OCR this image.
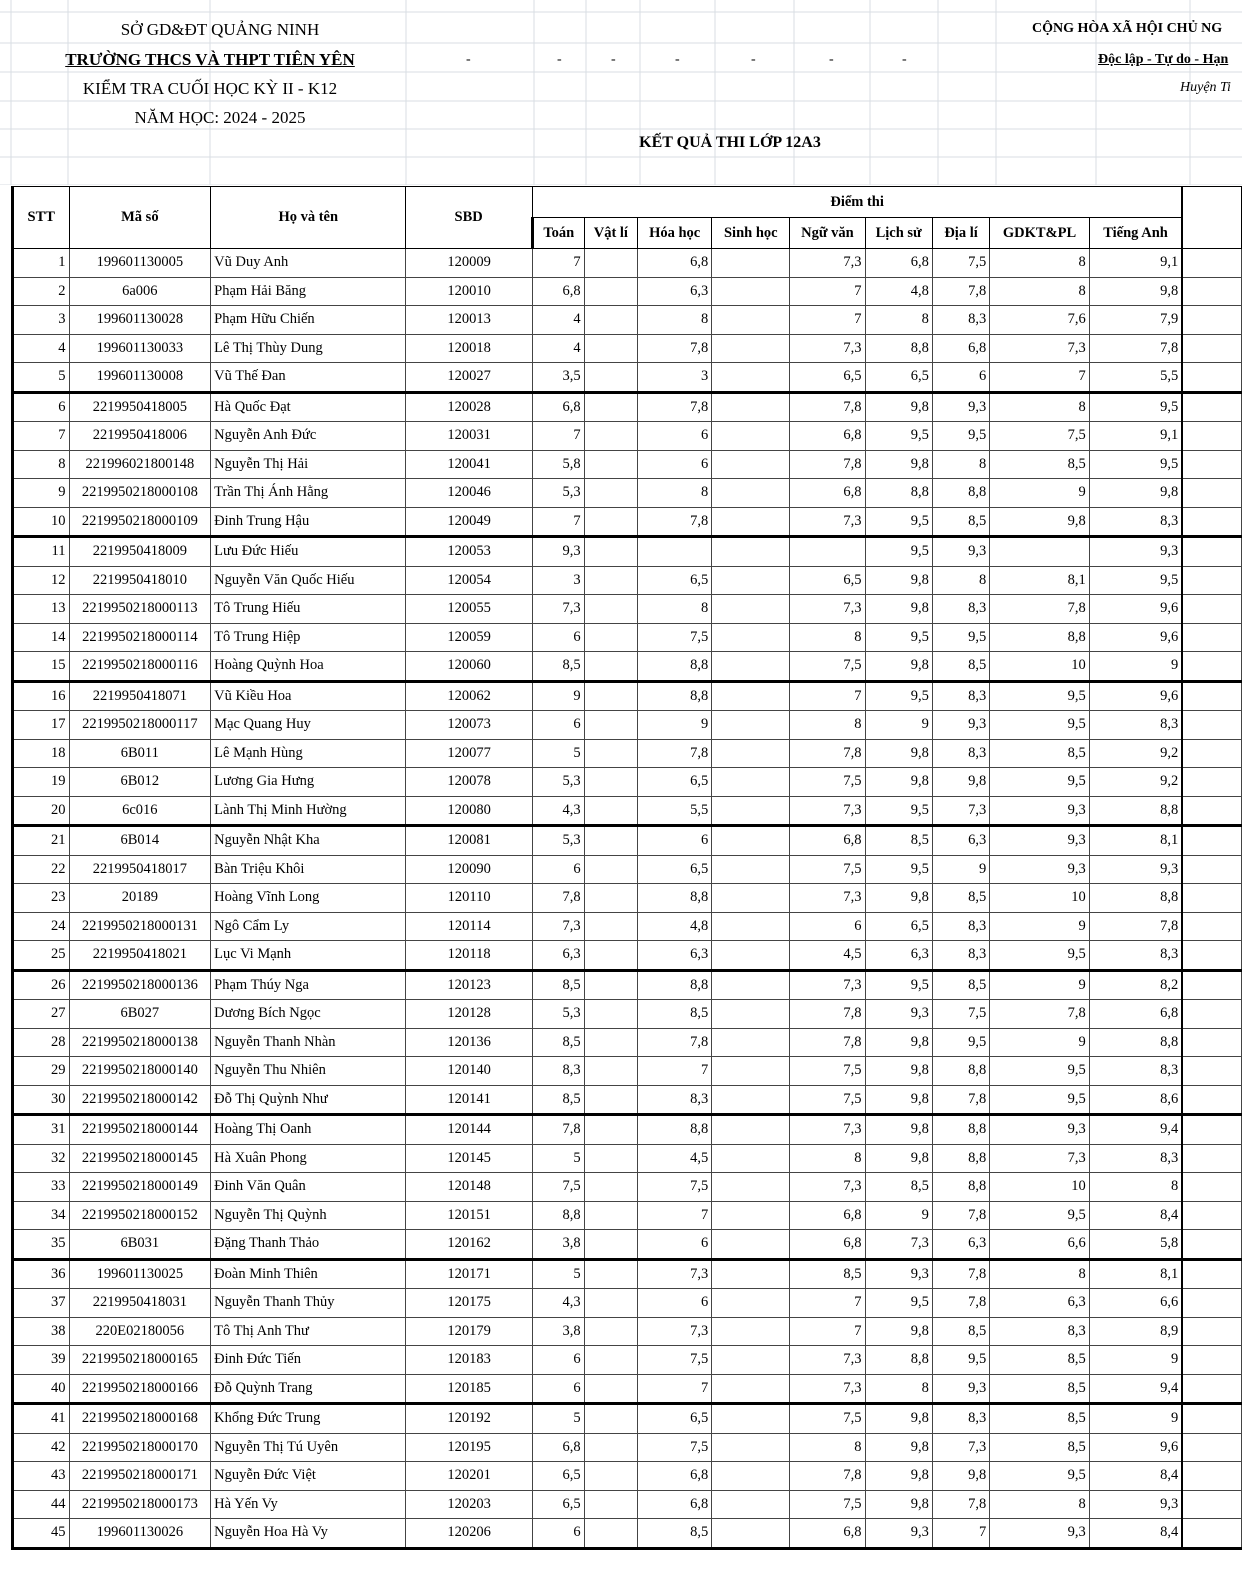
SỞ GD&ĐT QUẢNG NINH
TRƯỜNG THCS VÀ THPT TIÊN YÊN
KIỂM TRA CUỐI HỌC KỲ II - K12
NĂM HỌC: 2024 - 2025
-	-	-	-	-	-	-
CỘNG HÒA XÃ HỘI CHỦ NG
Độc lập - Tự do - Hạn
Huyện Ti
KẾT QUẢ THI LỚP 12A3
STT	Mã số	Họ và tên	SBD	Điểm thi									
				Toán	Vật lí	Hóa học	Sinh học	Ngữ văn	Lịch sử	Địa lí	GDKT&PL	Tiếng Anh	
1	199601130005	Vũ Duy Anh	120009	7		6,8		7,3	6,8	7,5	8	9,1	
2	6a006	Phạm Hải Băng	120010	6,8		6,3		7	4,8	7,8	8	9,8	
3	199601130028	Phạm Hữu Chiến	120013	4		8		7	8	8,3	7,6	7,9	
4	199601130033	Lê Thị Thùy Dung	120018	4		7,8		7,3	8,8	6,8	7,3	7,8	
5	199601130008	Vũ Thế Đan	120027	3,5		3		6,5	6,5	6	7	5,5	
6	2219950418005	Hà Quốc Đạt	120028	6,8		7,8		7,8	9,8	9,3	8	9,5	
7	2219950418006	Nguyễn Anh Đức	120031	7		6		6,8	9,5	9,5	7,5	9,1	
8	221996021800148	Nguyễn Thị Hải	120041	5,8		6		7,8	9,8	8	8,5	9,5	
9	2219950218000108	Trần Thị Ánh Hằng	120046	5,3		8		6,8	8,8	8,8	9	9,8	
10	2219950218000109	Đinh Trung Hậu	120049	7		7,8		7,3	9,5	8,5	9,8	8,3	
11	2219950418009	Lưu Đức Hiếu	120053	9,3					9,5	9,3		9,3	
12	2219950418010	Nguyễn Văn Quốc Hiếu	120054	3		6,5		6,5	9,8	8	8,1	9,5	
13	2219950218000113	Tô Trung Hiếu	120055	7,3		8		7,3	9,8	8,3	7,8	9,6	
14	2219950218000114	Tô Trung Hiệp	120059	6		7,5		8	9,5	9,5	8,8	9,6	
15	2219950218000116	Hoàng Quỳnh Hoa	120060	8,5		8,8		7,5	9,8	8,5	10	9	
16	2219950418071	Vũ Kiều Hoa	120062	9		8,8		7	9,5	8,3	9,5	9,6	
17	2219950218000117	Mạc Quang Huy	120073	6		9		8	9	9,3	9,5	8,3	
18	6B011	Lê Mạnh Hùng	120077	5		7,8		7,8	9,8	8,3	8,5	9,2	
19	6B012	Lương Gia Hưng	120078	5,3		6,5		7,5	9,8	9,8	9,5	9,2	
20	6c016	Lành Thị Minh Hường	120080	4,3		5,5		7,3	9,5	7,3	9,3	8,8	
21	6B014	Nguyễn Nhật Kha	120081	5,3		6		6,8	8,5	6,3	9,3	8,1	
22	2219950418017	Bàn Triệu Khôi	120090	6		6,5		7,5	9,5	9	9,3	9,3	
23	20189	Hoàng Vĩnh Long	120110	7,8		8,8		7,3	9,8	8,5	10	8,8	
24	2219950218000131	Ngô Cẩm Ly	120114	7,3		4,8		6	6,5	8,3	9	7,8	
25	2219950418021	Lục Vi Mạnh	120118	6,3		6,3		4,5	6,3	8,3	9,5	8,3	
26	2219950218000136	Phạm Thúy Nga	120123	8,5		8,8		7,3	9,5	8,5	9	8,2	
27	6B027	Dương Bích Ngọc	120128	5,3		8,5		7,8	9,3	7,5	7,8	6,8	
28	2219950218000138	Nguyễn Thanh Nhàn	120136	8,5		7,8		7,8	9,8	9,5	9	8,8	
29	2219950218000140	Nguyễn Thu Nhiên	120140	8,3		7		7,5	9,8	8,8	9,5	8,3	
30	2219950218000142	Đỗ Thị Quỳnh Như	120141	8,5		8,3		7,5	9,8	7,8	9,5	8,6	
31	2219950218000144	Hoàng Thị Oanh	120144	7,8		8,8		7,3	9,8	8,8	9,3	9,4	
32	2219950218000145	Hà Xuân Phong	120145	5		4,5		8	9,8	8,8	7,3	8,3	
33	2219950218000149	Đinh Văn Quân	120148	7,5		7,5		7,3	8,5	8,8	10	8	
34	2219950218000152	Nguyễn Thị Quỳnh	120151	8,8		7		6,8	9	7,8	9,5	8,4	
35	6B031	Đặng Thanh Thảo	120162	3,8		6		6,8	7,3	6,3	6,6	5,8	
36	199601130025	Đoàn Minh Thiên	120171	5		7,3		8,5	9,3	7,8	8	8,1	
37	2219950418031	Nguyễn Thanh Thủy	120175	4,3		6		7	9,5	7,8	6,3	6,6	
38	220E02180056	Tô Thị Anh Thư	120179	3,8		7,3		7	9,8	8,5	8,3	8,9	
39	2219950218000165	Đinh Đức Tiến	120183	6		7,5		7,3	8,8	9,5	8,5	9	
40	2219950218000166	Đỗ Quỳnh Trang	120185	6		7		7,3	8	9,3	8,5	9,4	
41	2219950218000168	Khổng Đức Trung	120192	5		6,5		7,5	9,8	8,3	8,5	9	
42	2219950218000170	Nguyễn Thị Tú Uyên	120195	6,8		7,5		8	9,8	7,3	8,5	9,6	
43	2219950218000171	Nguyễn Đức Việt	120201	6,5		6,8		7,8	9,8	9,8	9,5	8,4	
44	2219950218000173	Hà Yến Vy	120203	6,5		6,8		7,5	9,8	7,8	8	9,3	
45	199601130026	Nguyễn Hoa Hà Vy	120206	6		8,5		6,8	9,3	7	9,3	8,4	
